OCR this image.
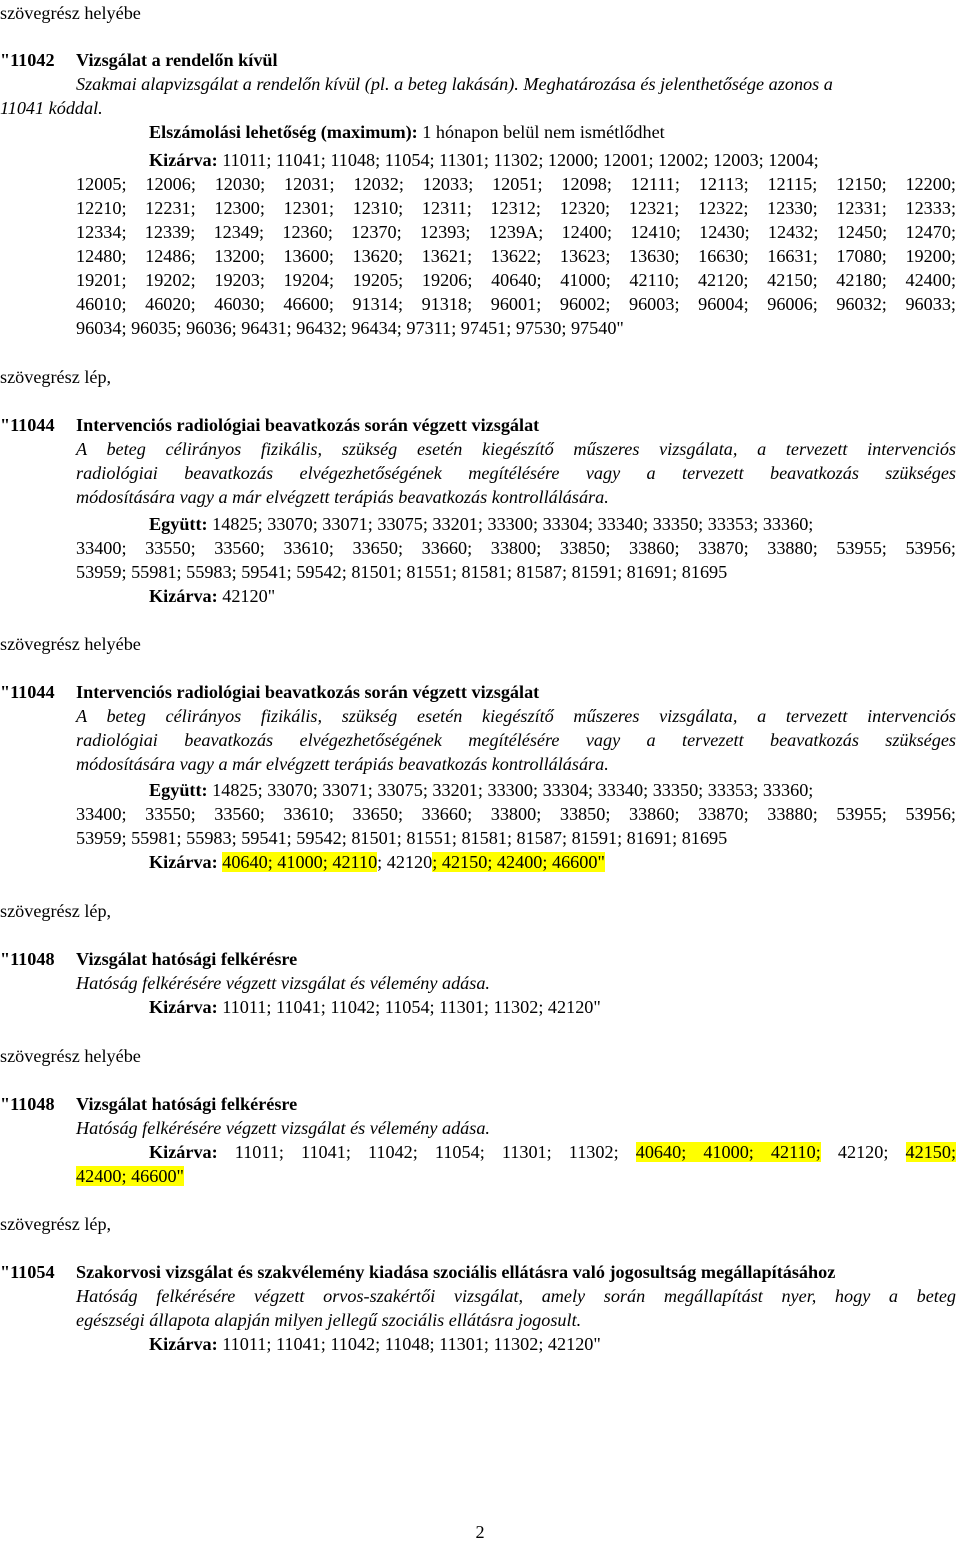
szövegrész helyébe
"11042 Vizsgálat a rendelőn kívül
Szakmai alapvizsgálat a rendelőn kívül (pl. a beteg lakásán). Meghatározása és jelenthetősége azonos a
11041 kóddal.
Elszámolási lehetőség (maximum): 1 hónapon belül nem ismétlődhet
Kizárva: 11011; 11041; 11048; 11054; 11301; 11302; 12000; 12001; 12002; 12003; 12004;
12005; 12006; 12030; 12031; 12032; 12033; 12051; 12098; 12111; 12113; 12115; 12150; 12200;
12210; 12231; 12300; 12301; 12310; 12311; 12312; 12320; 12321; 12322; 12330; 12331; 12333;
12334; 12339; 12349; 12360; 12370; 12393; 1239A; 12400; 12410; 12430; 12432; 12450; 12470;
12480; 12486; 13200; 13600; 13620; 13621; 13622; 13623; 13630; 16630; 16631; 17080; 19200;
19201; 19202; 19203; 19204; 19205; 19206; 40640; 41000; 42110; 42120; 42150; 42180; 42400;
46010; 46020; 46030; 46600; 91314; 91318; 96001; 96002; 96003; 96004; 96006; 96032; 96033;
96034; 96035; 96036; 96431; 96432; 96434; 97311; 97451; 97530; 97540"
szövegrész lép,
"11044 Intervenciós radiológiai beavatkozás során végzett vizsgálat
A beteg célirányos fizikális, szükség esetén kiegészítő műszeres vizsgálata, a tervezett intervenciós
radiológiai beavatkozás elvégezhetőségének megítélésére vagy a tervezett beavatkozás szükséges
módosítására vagy a már elvégzett terápiás beavatkozás kontrollálására.
Együtt: 14825; 33070; 33071; 33075; 33201; 33300; 33304; 33340; 33350; 33353; 33360;
33400; 33550; 33560; 33610; 33650; 33660; 33800; 33850; 33860; 33870; 33880; 53955; 53956;
53959; 55981; 55983; 59541; 59542; 81501; 81551; 81581; 81587; 81591; 81691; 81695
Kizárva: 42120"
szövegrész helyébe
"11044 Intervenciós radiológiai beavatkozás során végzett vizsgálat
A beteg célirányos fizikális, szükség esetén kiegészítő műszeres vizsgálata, a tervezett intervenciós
radiológiai beavatkozás elvégezhetőségének megítélésére vagy a tervezett beavatkozás szükséges
módosítására vagy a már elvégzett terápiás beavatkozás kontrollálására.
Együtt: 14825; 33070; 33071; 33075; 33201; 33300; 33304; 33340; 33350; 33353; 33360;
33400; 33550; 33560; 33610; 33650; 33660; 33800; 33850; 33860; 33870; 33880; 53955; 53956;
53959; 55981; 55983; 59541; 59542; 81501; 81551; 81581; 81587; 81591; 81691; 81695
Kizárva: 40640; 41000; 42110; 42120; 42150; 42400; 46600"
szövegrész lép,
"11048 Vizsgálat hatósági felkérésre
Hatóság felkérésére végzett vizsgálat és vélemény adása.
Kizárva: 11011; 11041; 11042; 11054; 11301; 11302; 42120"
szövegrész helyébe
"11048 Vizsgálat hatósági felkérésre
Hatóság felkérésére végzett vizsgálat és vélemény adása.
Kizárva: 11011; 11041; 11042; 11054; 11301; 11302; 40640; 41000; 42110; 42120; 42150;
42400; 46600"
szövegrész lép,
"11054 Szakorvosi vizsgálat és szakvélemény kiadása szociális ellátásra való jogosultság megállapításához
Hatóság felkérésére végzett orvos-szakértői vizsgálat, amely során megállapítást nyer, hogy a beteg
egészségi állapota alapján milyen jellegű szociális ellátásra jogosult.
Kizárva: 11011; 11041; 11042; 11048; 11301; 11302; 42120"
2
